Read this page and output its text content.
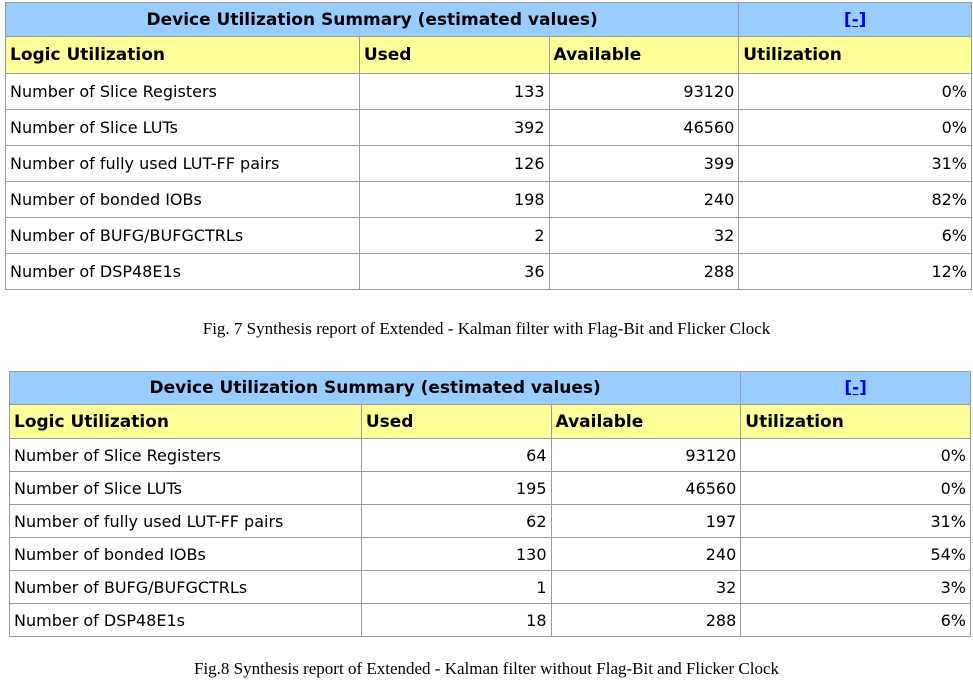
Device Utilization Summary (estimated values)			[-]
Logic Utilization	Used	Available	Utilization
Number of Slice Registers	133	93120	0%
Number of Slice LUTs	392	46560	0%
Number of fully used LUT-FF pairs	126	399	31%
Number of bonded IOBs	198	240	82%
Number of BUFG/BUFGCTRLs	2	32	6%
Number of DSP48E1s	36	288	12%
Fig. 7 Synthesis report of Extended - Kalman filter with Flag-Bit and Flicker Clock
Device Utilization Summary (estimated values)			[-]
Logic Utilization	Used	Available	Utilization
Number of Slice Registers	64	93120	0%
Number of Slice LUTs	195	46560	0%
Number of fully used LUT-FF pairs	62	197	31%
Number of bonded IOBs	130	240	54%
Number of BUFG/BUFGCTRLs	1	32	3%
Number of DSP48E1s	18	288	6%
Fig.8 Synthesis report of Extended - Kalman filter without Flag-Bit and Flicker Clock
